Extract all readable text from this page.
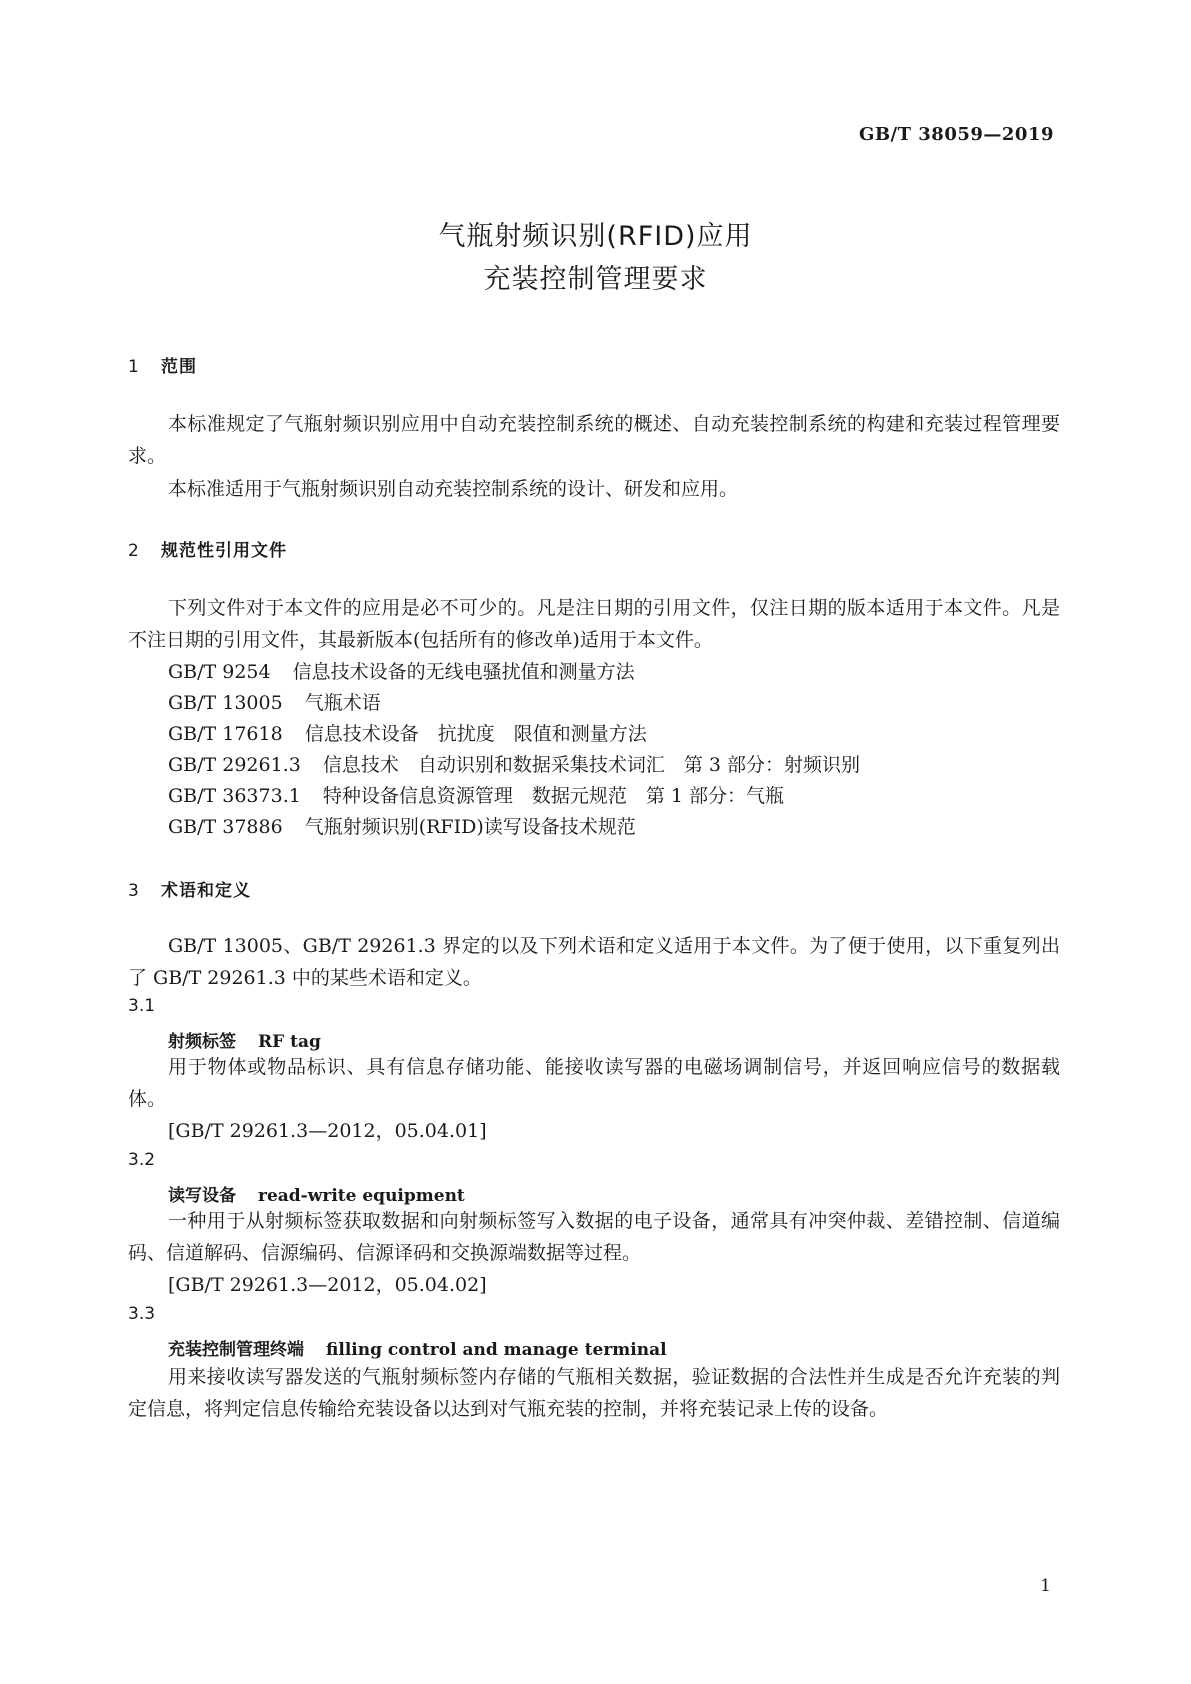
GB/T 38059—2019
气瓶射频识别(RFID)应用
充装控制管理要求
1 范围
本标准规定了气瓶射频识别应用中自动充装控制系统的概述、自动充装控制系统的构建和充装过程管理要求。
本标准适用于气瓶射频识别自动充装控制系统的设计、研发和应用。
2 规范性引用文件
下列文件对于本文件的应用是必不可少的。凡是注日期的引用文件，仅注日期的版本适用于本文件。凡是不注日期的引用文件，其最新版本(包括所有的修改单)适用于本文件。
GB/T 9254 信息技术设备的无线电骚扰值和测量方法
GB/T 13005 气瓶术语
GB/T 17618 信息技术设备　抗扰度　限值和测量方法
GB/T 29261.3 信息技术　自动识别和数据采集技术词汇　第 3 部分：射频识别
GB/T 36373.1 特种设备信息资源管理　数据元规范　第 1 部分：气瓶
GB/T 37886 气瓶射频识别(RFID)读写设备技术规范
3 术语和定义
GB/T 13005、GB/T 29261.3 界定的以及下列术语和定义适用于本文件。为了便于使用，以下重复列出了 GB/T 29261.3 中的某些术语和定义。
3.1
射频标签 RF tag
用于物体或物品标识、具有信息存储功能、能接收读写器的电磁场调制信号，并返回响应信号的数据载体。
[GB/T 29261.3—2012，05.04.01]
3.2
读写设备 read-write equipment
一种用于从射频标签获取数据和向射频标签写入数据的电子设备，通常具有冲突仲裁、差错控制、信道编码、信道解码、信源编码、信源译码和交换源端数据等过程。
[GB/T 29261.3—2012，05.04.02]
3.3
充装控制管理终端 filling control and manage terminal
用来接收读写器发送的气瓶射频标签内存储的气瓶相关数据，验证数据的合法性并生成是否允许充装的判定信息，将判定信息传输给充装设备以达到对气瓶充装的控制，并将充装记录上传的设备。
1
